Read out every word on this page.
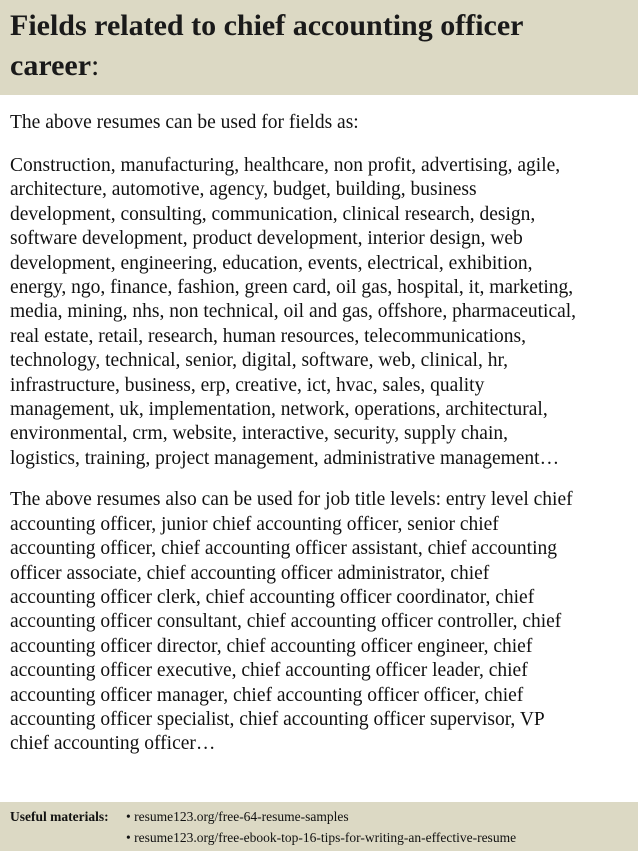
Fields related to chief accounting officer
career:

The above resumes can be used for fields as:

Construction, manufacturing, healthcare, non profit, advertising, agile,
architecture, automotive, agency, budget, building, business
development, consulting, communication, clinical research, design,
software development, product development, interior design, web
development, engineering, education, events, electrical, exhibition,
energy, ngo, finance, fashion, green card, oil gas, hospital, it, marketing,
media, mining, nhs, non technical, oil and gas, offshore, pharmaceutical,
real estate, retail, research, human resources, telecommunications,
technology, technical, senior, digital, software, web, clinical, hr,
infrastructure, business, erp, creative, ict, hvac, sales, quality
management, uk, implementation, network, operations, architectural,
environmental, crm, website, interactive, security, supply chain,
logistics, training, project management, administrative management…

The above resumes also can be used for job title levels: entry level chief
accounting officer, junior chief accounting officer, senior chief
accounting officer, chief accounting officer assistant, chief accounting
officer associate, chief accounting officer administrator, chief
accounting officer clerk, chief accounting officer coordinator, chief
accounting officer consultant, chief accounting officer controller, chief
accounting officer director, chief accounting officer engineer, chief
accounting officer executive, chief accounting officer leader, chief
accounting officer manager, chief accounting officer officer, chief
accounting officer specialist, chief accounting officer supervisor, VP
chief accounting officer…

Useful materials: • resume123.org/free-64-resume-samples
• resume123.org/free-ebook-top-16-tips-for-writing-an-effective-resume
